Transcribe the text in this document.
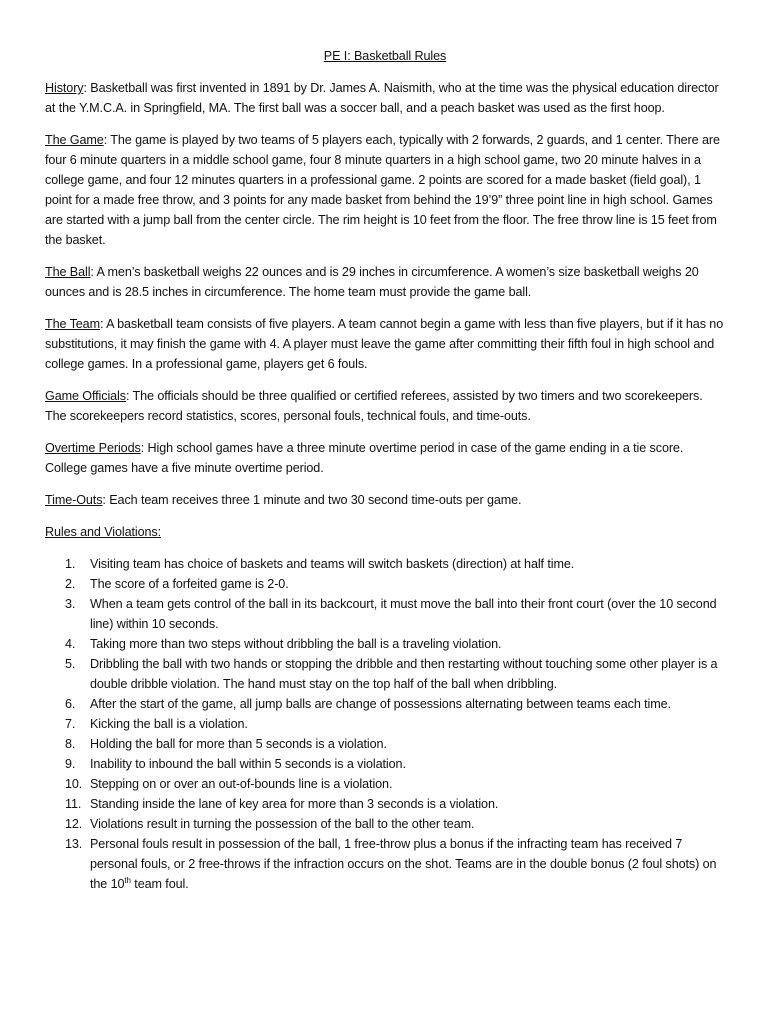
PE I: Basketball Rules
History: Basketball was first invented in 1891 by Dr. James A. Naismith, who at the time was the physical education director at the Y.M.C.A. in Springfield, MA. The first ball was a soccer ball, and a peach basket was used as the first hoop.
The Game: The game is played by two teams of 5 players each, typically with 2 forwards, 2 guards, and 1 center. There are four 6 minute quarters in a middle school game, four 8 minute quarters in a high school game, two 20 minute halves in a college game, and four 12 minutes quarters in a professional game. 2 points are scored for a made basket (field goal), 1 point for a made free throw, and 3 points for any made basket from behind the 19’9” three point line in high school. Games are started with a jump ball from the center circle. The rim height is 10 feet from the floor. The free throw line is 15 feet from the basket.
The Ball: A men’s basketball weighs 22 ounces and is 29 inches in circumference. A women’s size basketball weighs 20 ounces and is 28.5 inches in circumference. The home team must provide the game ball.
The Team: A basketball team consists of five players. A team cannot begin a game with less than five players, but if it has no substitutions, it may finish the game with 4. A player must leave the game after committing their fifth foul in high school and college games. In a professional game, players get 6 fouls.
Game Officials: The officials should be three qualified or certified referees, assisted by two timers and two scorekeepers. The scorekeepers record statistics, scores, personal fouls, technical fouls, and time-outs.
Overtime Periods: High school games have a three minute overtime period in case of the game ending in a tie score. College games have a five minute overtime period.
Time-Outs: Each team receives three 1 minute and two 30 second time-outs per game.
Rules and Violations:
1. Visiting team has choice of baskets and teams will switch baskets (direction) at half time.
2. The score of a forfeited game is 2-0.
3. When a team gets control of the ball in its backcourt, it must move the ball into their front court (over the 10 second line) within 10 seconds.
4. Taking more than two steps without dribbling the ball is a traveling violation.
5. Dribbling the ball with two hands or stopping the dribble and then restarting without touching some other player is a double dribble violation. The hand must stay on the top half of the ball when dribbling.
6. After the start of the game, all jump balls are change of possessions alternating between teams each time.
7. Kicking the ball is a violation.
8. Holding the ball for more than 5 seconds is a violation.
9. Inability to inbound the ball within 5 seconds is a violation.
10. Stepping on or over an out-of-bounds line is a violation.
11. Standing inside the lane of key area for more than 3 seconds is a violation.
12. Violations result in turning the possession of the ball to the other team.
13. Personal fouls result in possession of the ball, 1 free-throw plus a bonus if the infracting team has received 7 personal fouls, or 2 free-throws if the infraction occurs on the shot. Teams are in the double bonus (2 foul shots) on the 10th team foul.
